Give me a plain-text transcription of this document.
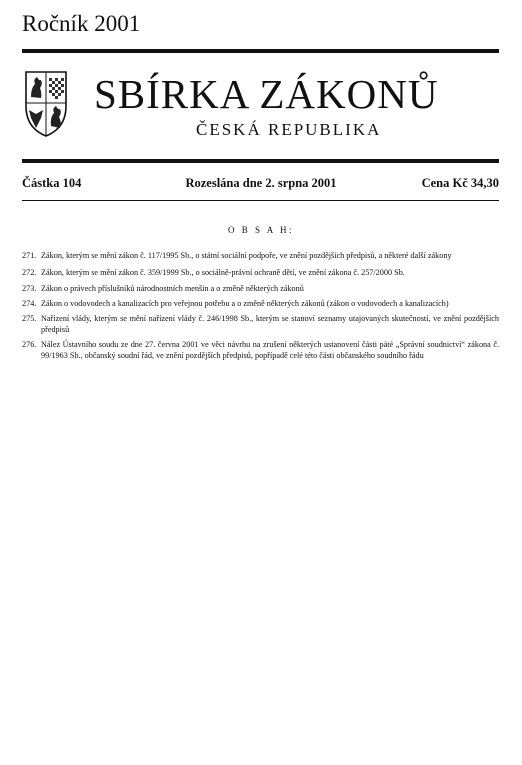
Ročník 2001
SBÍRKA ZÁKONŮ
ČESKÁ REPUBLIKA
Částka 104	Rozeslána dne 2. srpna 2001	Cena Kč 34,30
O B S A H:
271. Zákon, kterým se mění zákon č. 117/1995 Sb., o státní sociální podpoře, ve znění pozdějších předpisů, a některé další zákony
272. Zákon, kterým se mění zákon č. 359/1999 Sb., o sociálně-právní ochraně dětí, ve znění zákona č. 257/2000 Sb.
273. Zákon o právech příslušníků národnostních menšin a o změně některých zákonů
274. Zákon o vodovodech a kanalizacích pro veřejnou potřebu a o změně některých zákonů (zákon o vodovodech a kanalizacích)
275. Nařízení vlády, kterým se mění nařízení vlády č. 246/1998 Sb., kterým se stanoví seznamy utajovaných skutečností, ve znění pozdějších předpisů
276. Nález Ústavního soudu ze dne 27. června 2001 ve věci návrhu na zrušení některých ustanovení části páté „Správní soudnictví“ zákona č. 99/1963 Sb., občanský soudní řád, ve znění pozdějších předpisů, popřípadě celé této části občanského soudního řádu
